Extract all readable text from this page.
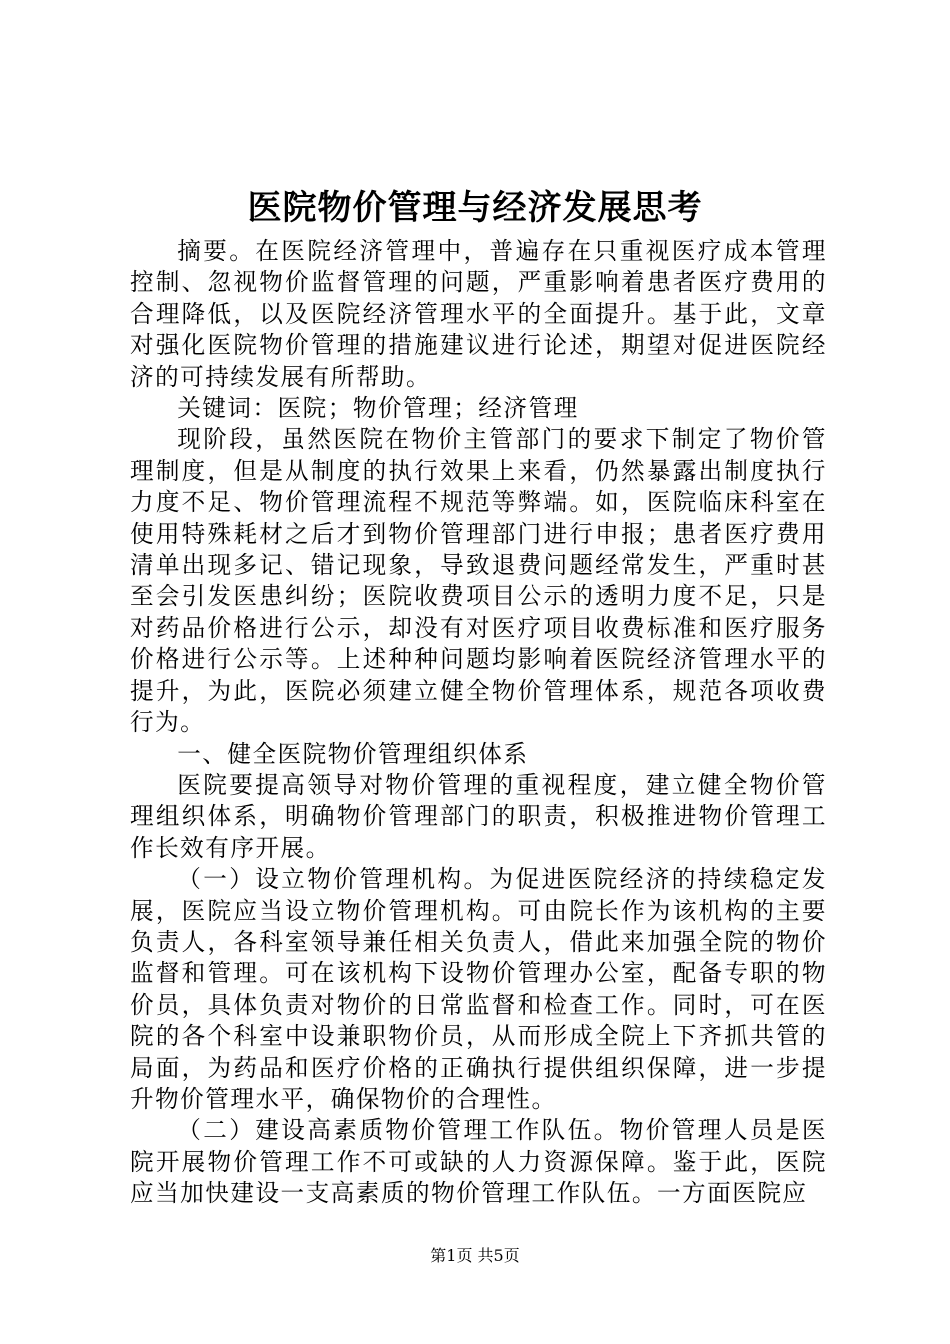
医院物价管理与经济发展思考

摘要。在医院经济管理中，普遍存在只重视医疗成本管理控制、忽视物价监督管理的问题，严重影响着患者医疗费用的合理降低，以及医院经济管理水平的全面提升。基于此，文章对强化医院物价管理的措施建议进行论述，期望对促进医院经济的可持续发展有所帮助。

关键词：医院；物价管理；经济管理

现阶段，虽然医院在物价主管部门的要求下制定了物价管理制度，但是从制度的执行效果上来看，仍然暴露出制度执行力度不足、物价管理流程不规范等弊端。如，医院临床科室在使用特殊耗材之后才到物价管理部门进行申报；患者医疗费用清单出现多记、错记现象，导致退费问题经常发生，严重时甚至会引发医患纠纷；医院收费项目公示的透明力度不足，只是对药品价格进行公示，却没有对医疗项目收费标准和医疗服务价格进行公示等。上述种种问题均影响着医院经济管理水平的提升，为此，医院必须建立健全物价管理体系，规范各项收费行为。

一、健全医院物价管理组织体系

医院要提高领导对物价管理的重视程度，建立健全物价管理组织体系，明确物价管理部门的职责，积极推进物价管理工作长效有序开展。

（一）设立物价管理机构。为促进医院经济的持续稳定发展，医院应当设立物价管理机构。可由院长作为该机构的主要负责人，各科室领导兼任相关负责人，借此来加强全院的物价监督和管理。可在该机构下设物价管理办公室，配备专职的物价员，具体负责对物价的日常监督和检查工作。同时，可在医院的各个科室中设兼职物价员，从而形成全院上下齐抓共管的局面，为药品和医疗价格的正确执行提供组织保障，进一步提升物价管理水平，确保物价的合理性。

（二）建设高素质物价管理工作队伍。物价管理人员是医院开展物价管理工作不可或缺的人力资源保障。鉴于此，医院应当加快建设一支高素质的物价管理工作队伍。一方面医院应

第1页 共5页
